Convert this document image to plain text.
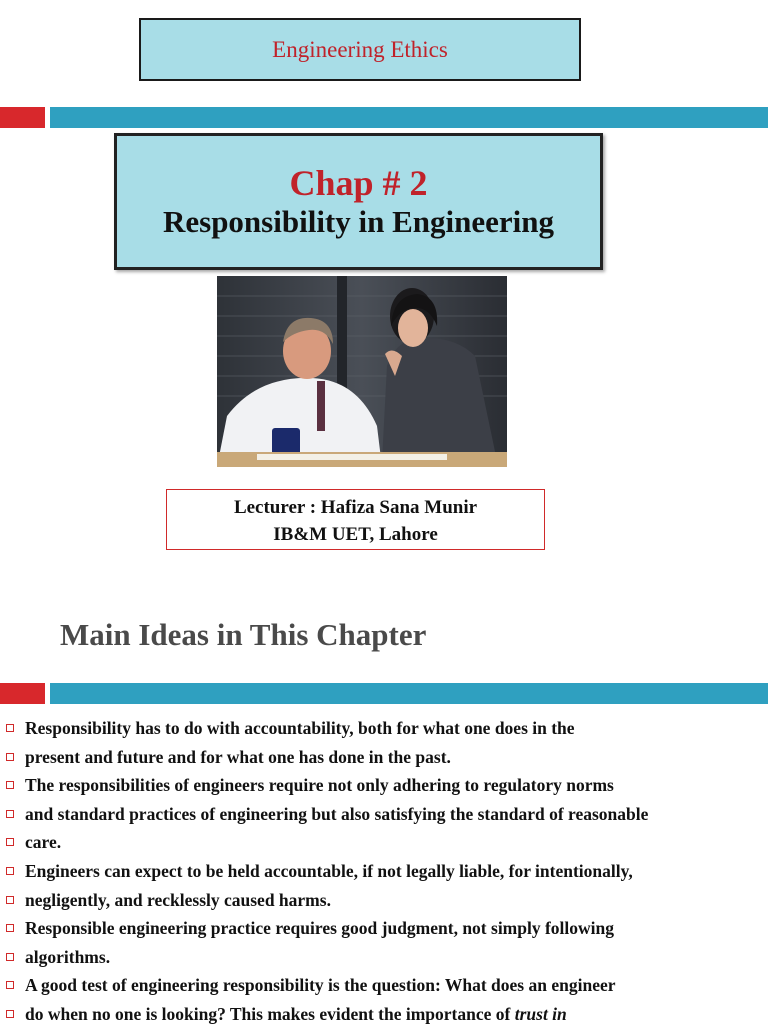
Engineering Ethics
Chap # 2
Responsibility in Engineering
Lecturer : Hafiza Sana Munir
IB&M UET, Lahore
Main Ideas in This Chapter
Responsibility has to do with accountability, both for what one does in the
present and future and for what one has done in the past.
The responsibilities of engineers require not only adhering to regulatory norms
and standard practices of engineering but also satisfying the standard of reasonable
care.
Engineers can expect to be held accountable, if not legally liable, for intentionally,
negligently, and recklessly caused harms.
Responsible engineering practice requires good judgment, not simply following
algorithms.
A good test of engineering responsibility is the question: What does an engineer
do when no one is looking? This makes evident the importance of trust in
